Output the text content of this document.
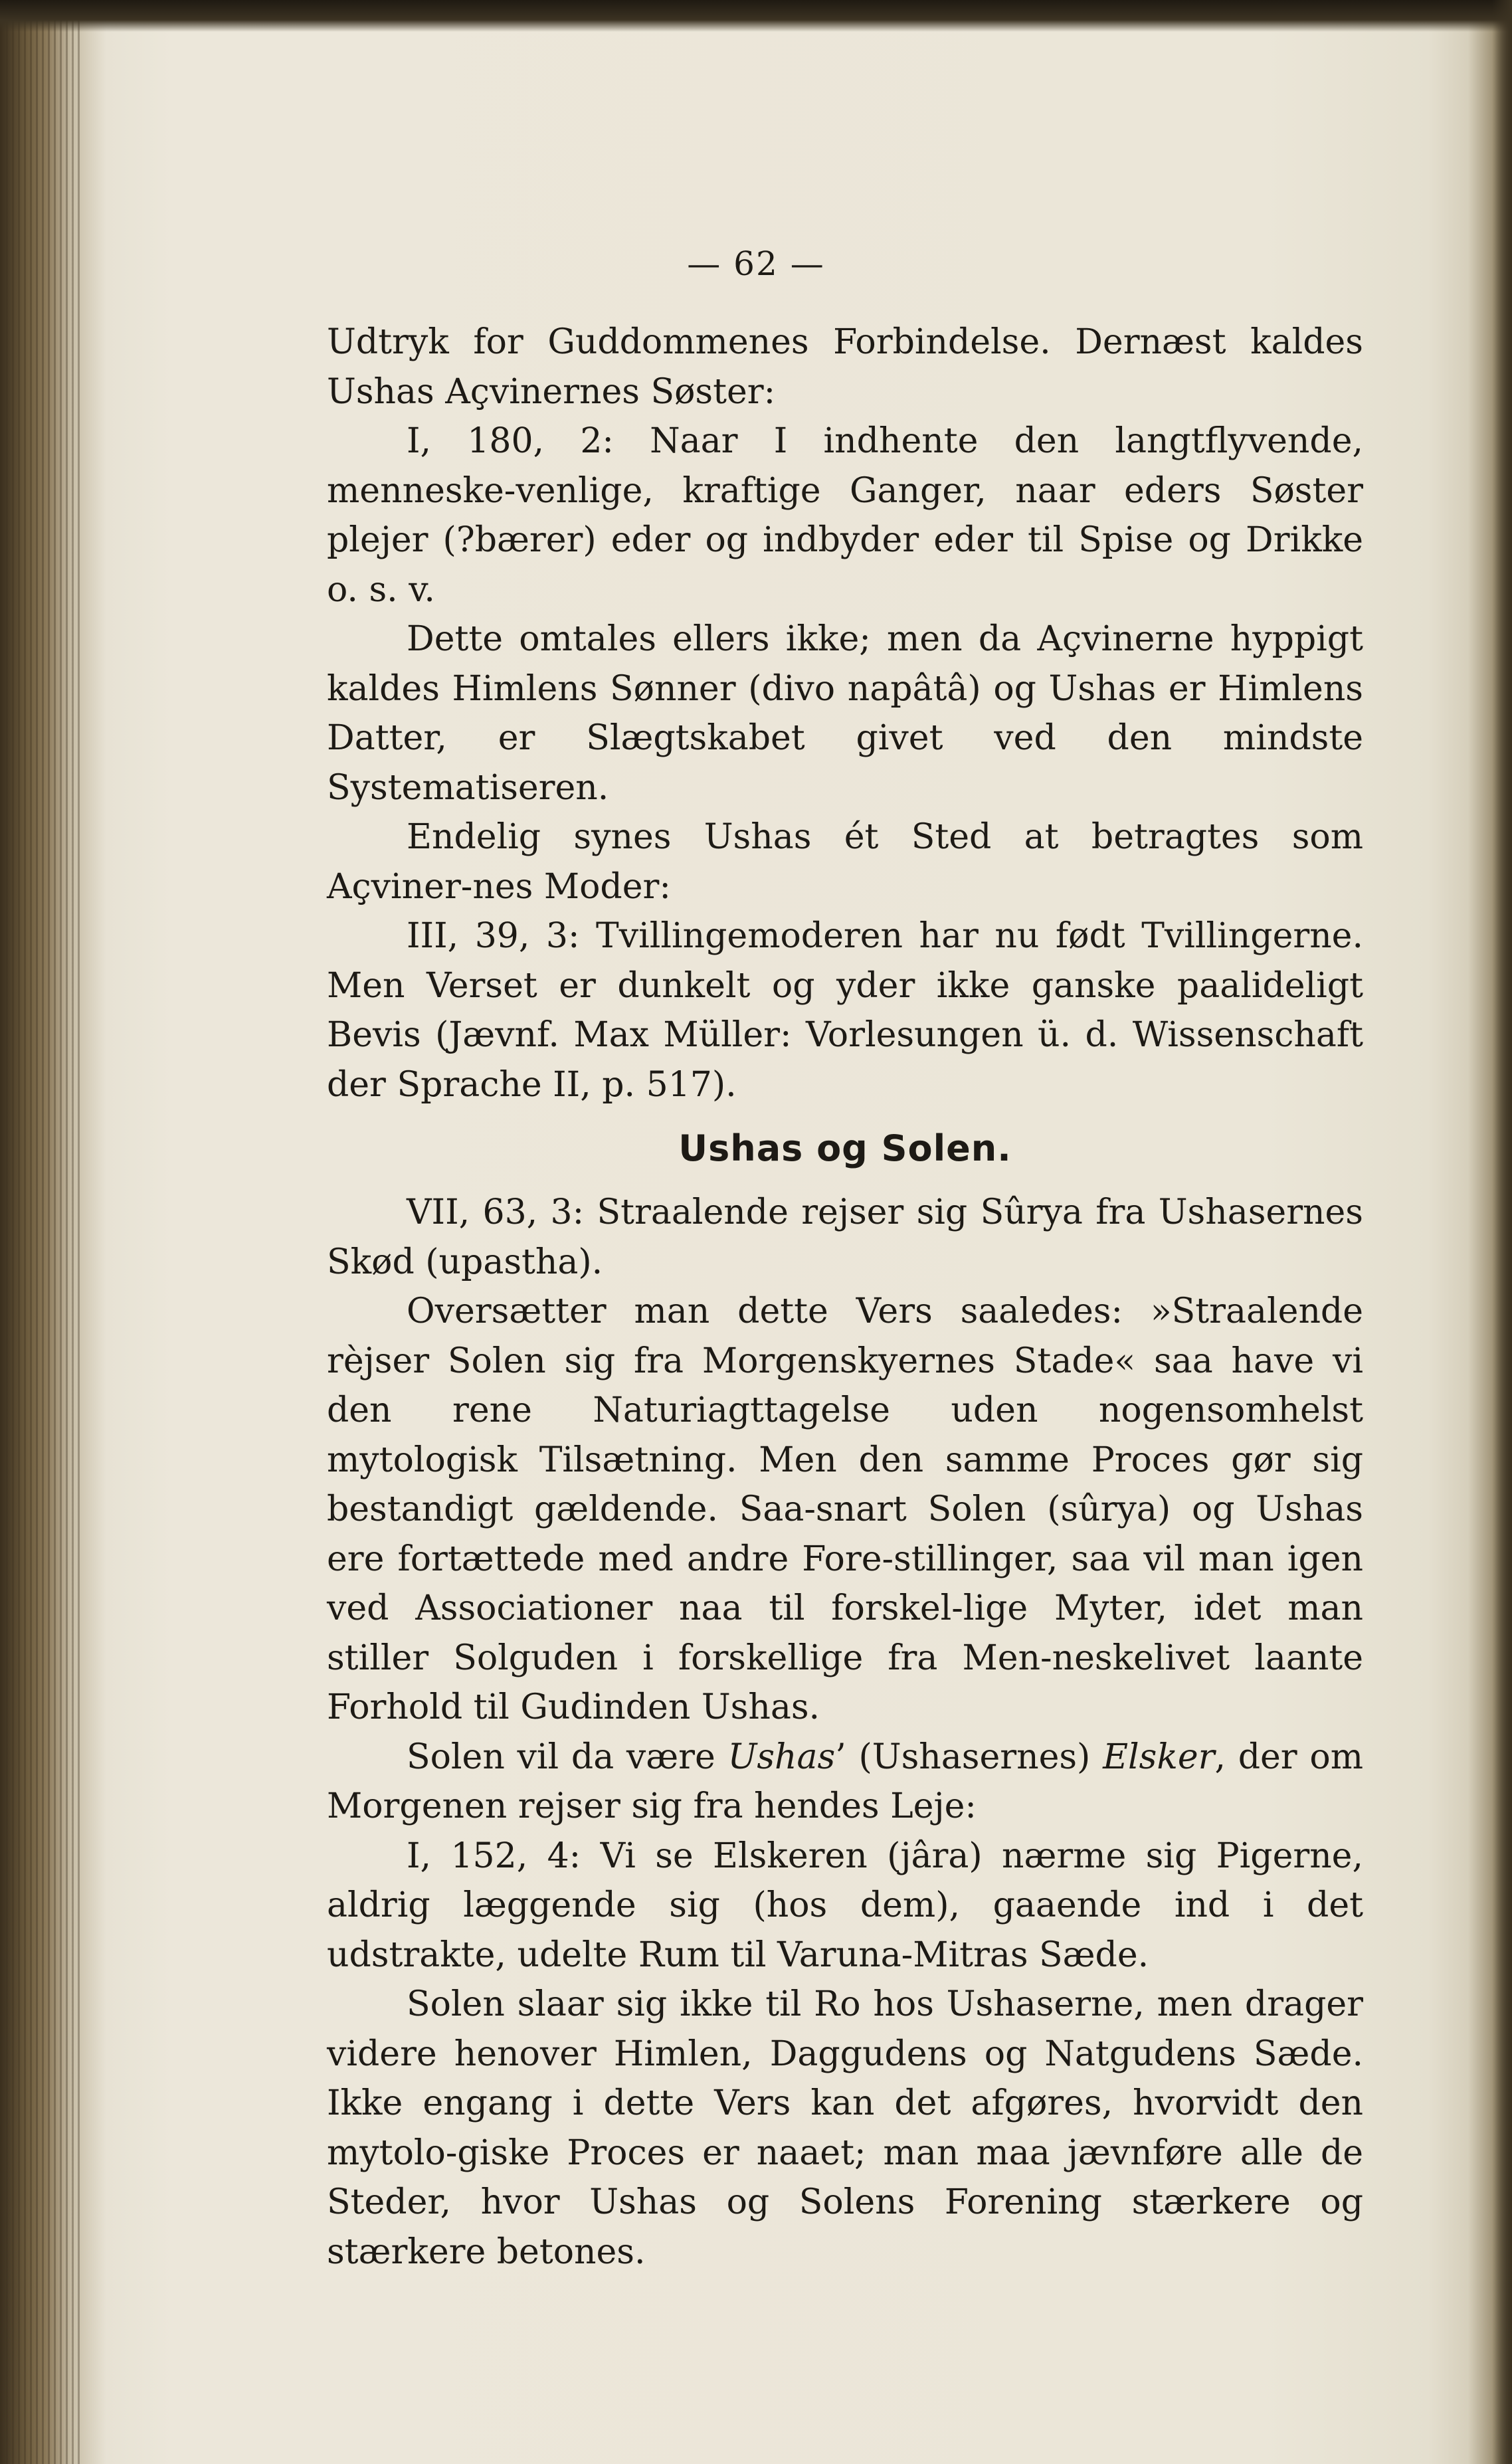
— 62 —

Udtryk for Guddommenes Forbindelse. Dernæst kaldes Ushas Açvinernes Søster:

I, 180, 2: Naar I indhente den langtflyvende, menneske-venlige, kraftige Ganger, naar eders Søster plejer (?bærer) eder og indbyder eder til Spise og Drikke o. s. v.

Dette omtales ellers ikke; men da Açvinerne hyppigt kaldes Himlens Sønner (divo napâtâ) og Ushas er Himlens Datter, er Slægtskabet givet ved den mindste Systematiseren.

Endelig synes Ushas ét Sted at betragtes som Açviner-nes Moder:

III, 39, 3: Tvillingemoderen har nu født Tvillingerne. Men Verset er dunkelt og yder ikke ganske paalideligt Bevis (Jævnf. Max Müller: Vorlesungen ü. d. Wissenschaft der Sprache II, p. 517).

Ushas og Solen.

VII, 63, 3: Straalende rejser sig Sûrya fra Ushasernes Skød (upastha).

Oversætter man dette Vers saaledes: »Straalende rèjser Solen sig fra Morgenskyernes Stade« saa have vi den rene Naturiagttagelse uden nogensomhelst mytologisk Tilsætning. Men den samme Proces gør sig bestandigt gældende. Saa-snart Solen (sûrya) og Ushas ere fortættede med andre Fore-stillinger, saa vil man igen ved Associationer naa til forskel-lige Myter, idet man stiller Solguden i forskellige fra Men-neskelivet laante Forhold til Gudinden Ushas.

Solen vil da være Ushas’ (Ushasernes) Elsker, der om Morgenen rejser sig fra hendes Leje:

I, 152, 4: Vi se Elskeren (jâra) nærme sig Pigerne, aldrig læggende sig (hos dem), gaaende ind i det udstrakte, udelte Rum til Varuna-Mitras Sæde.

Solen slaar sig ikke til Ro hos Ushaserne, men drager videre henover Himlen, Daggudens og Natgudens Sæde. Ikke engang i dette Vers kan det afgøres, hvorvidt den mytolo-giske Proces er naaet; man maa jævnføre alle de Steder, hvor Ushas og Solens Forening stærkere og stærkere betones.
